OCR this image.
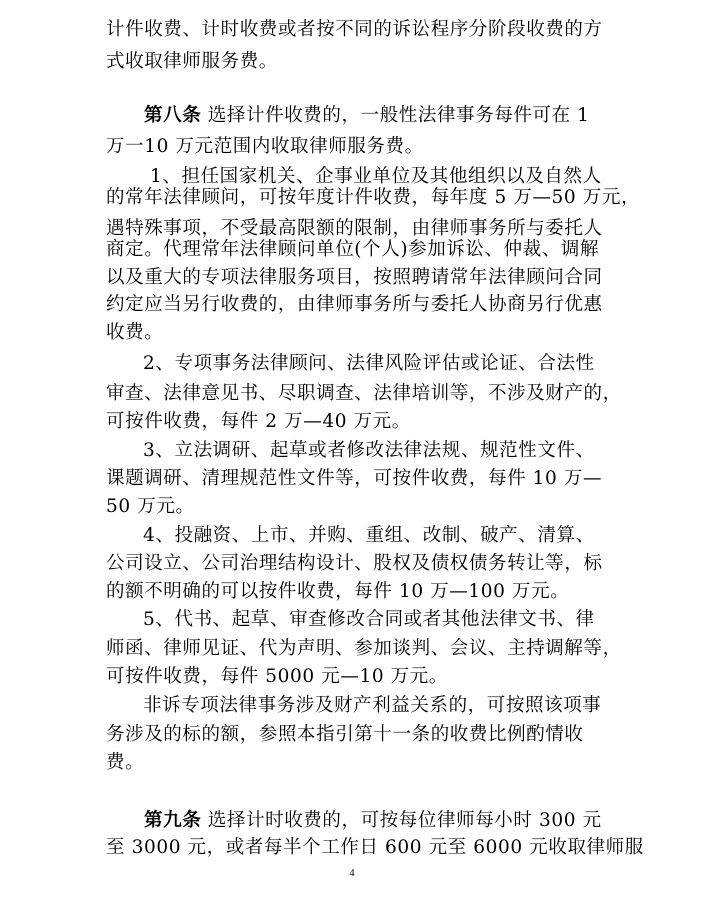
计件收费、计时收费或者按不同的诉讼程序分阶段收费的方
式收取律师服务费。
第八条 选择计件收费的，一般性法律事务每件可在 1
万一10 万元范围内收取律师服务费。
1、担任国家机关、企事业单位及其他组织以及自然人
的常年法律顾问，可按年度计件收费，每年度 5 万—50 万元，
遇特殊事项，不受最高限额的限制，由律师事务所与委托人
商定。代理常年法律顾问单位(个人)参加诉讼、仲裁、调解
以及重大的专项法律服务项目，按照聘请常年法律顾问合同
约定应当另行收费的，由律师事务所与委托人协商另行优惠
收费。
2、专项事务法律顾问、法律风险评估或论证、合法性
审查、法律意见书、尽职调查、法律培训等，不涉及财产的，
可按件收费，每件 2 万—40 万元。
3、立法调研、起草或者修改法律法规、规范性文件、
课题调研、清理规范性文件等，可按件收费，每件 10 万—
50 万元。
4、投融资、上市、并购、重组、改制、破产、清算、
公司设立、公司治理结构设计、股权及债权债务转让等，标
的额不明确的可以按件收费，每件 10 万—100 万元。
5、代书、起草、审查修改合同或者其他法律文书、律
师函、律师见证、代为声明、参加谈判、会议、主持调解等，
可按件收费，每件 5000 元—10 万元。
非诉专项法律事务涉及财产利益关系的，可按照该项事
务涉及的标的额，参照本指引第十一条的收费比例酌情收
费。
第九条 选择计时收费的，可按每位律师每小时 300 元
至 3000 元，或者每半个工作日 600 元至 6000 元收取律师服
4
